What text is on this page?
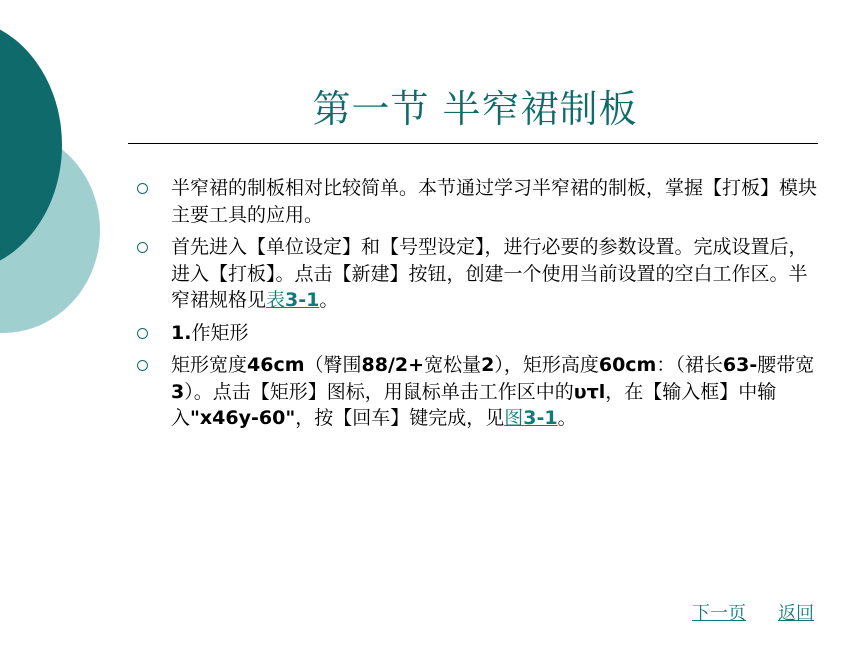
第一节 半窄裙制板
半窄裙的制板相对比较简单。本节通过学习半窄裙的制板，掌握【打板】模块主要工具的应用。
首先进入【单位设定】和【号型设定】，进行必要的参数设置。完成设置后，进入【打板】。点击【新建】按钮，创建一个使用当前设置的空白工作区。半窄裙规格见表3-1。
1.作矩形
矩形宽度46cm（臀围88/2+宽松量2），矩形高度60cm：（裙长63-腰带宽3）。点击【矩形】图标，用鼠标单击工作区中的υτl，在【输入框】中输入"x46y-60"，按【回车】键完成，见图3-1。
下一页 返回
